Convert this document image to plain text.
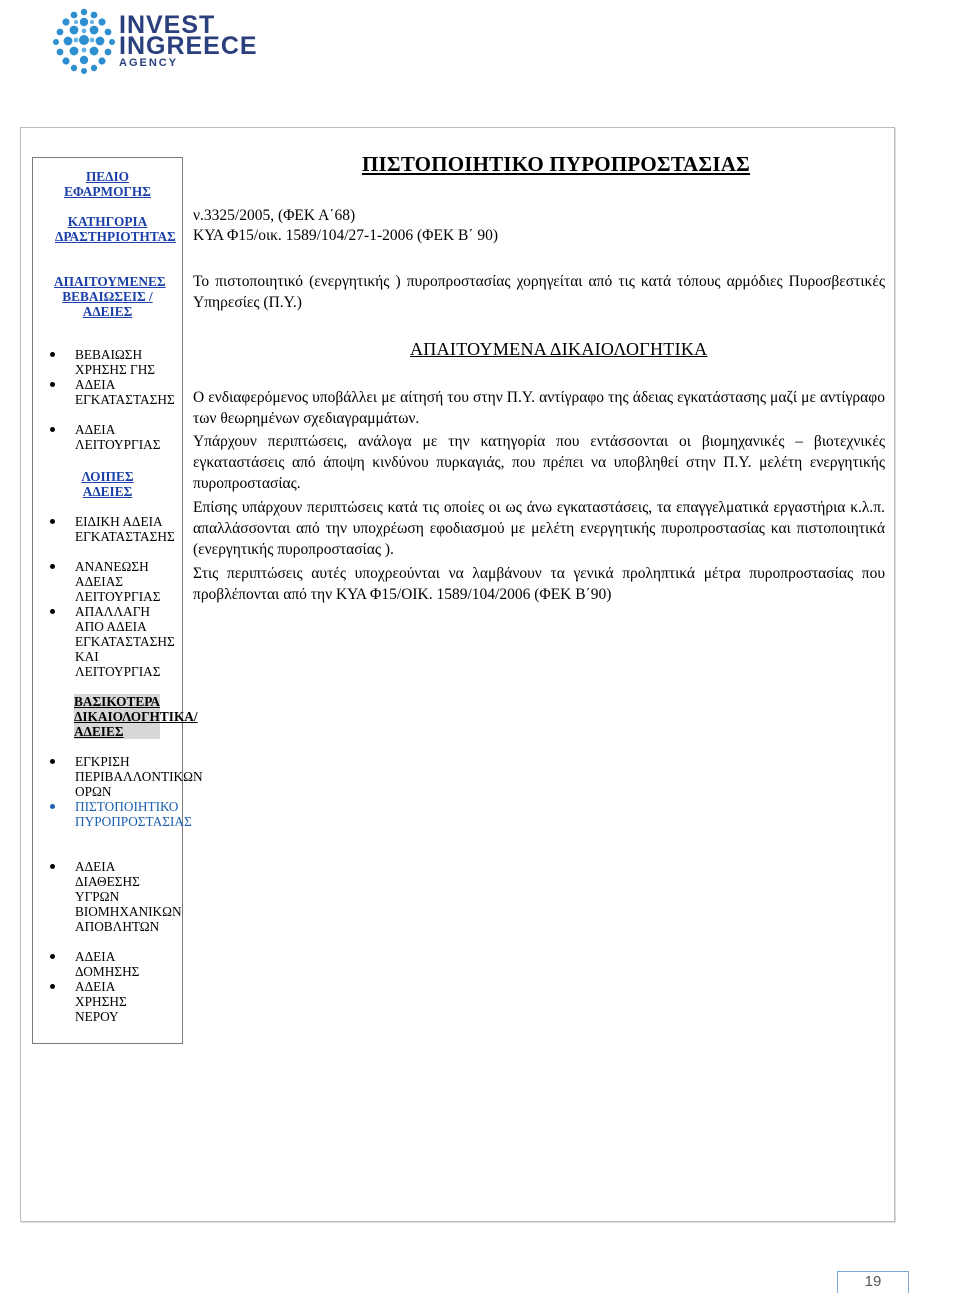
INVEST
INGREECE
AGENCY
ΠΕΔΙΟ ΕΦΑΡΜΟΓΗΣ
ΚΑΤΗΓΟΡΙΑ ΔΡΑΣΤΗΡΙΟΤΗΤΑΣ
ΑΠΑΙΤΟΥΜΕΝΕΣ ΒΕΒΑΙΩΣΕΙΣ /ΑΔΕΙΕΣ
ΒΕΒΑΙΩΣΗ ΧΡΗΣΗΣ ΓΗΣ
ΑΔΕΙΑ ΕΓΚΑΤΑΣΤΑΣΗΣ
ΑΔΕΙΑ ΛΕΙΤΟΥΡΓΙΑΣ
ΛΟΙΠΕΣ ΑΔΕΙΕΣ
ΕΙΔΙΚΗ ΑΔΕΙΑ ΕΓΚΑΤΑΣΤΑΣΗΣ
ΑΝΑΝΕΩΣΗ ΑΔΕΙΑΣ ΛΕΙΤΟΥΡΓΙΑΣ
ΑΠΑΛΛΑΓΗ ΑΠΟ ΑΔΕΙΑ ΕΓΚΑΤΑΣΤΑΣΗΣ ΚΑΙ ΛΕΙΤΟΥΡΓΙΑΣ
ΒΑΣΙΚΟΤΕΡΑ ΔΙΚΑΙΟΛΟΓΗΤΙΚΑ/ΑΔΕΙΕΣ
ΕΓΚΡΙΣΗ ΠΕΡΙΒΑΛΛΟΝΤΙΚΩΝ ΟΡΩΝ
ΠΙΣΤΟΠΟΙΗΤΙΚΟ ΠΥΡΟΠΡΟΣΤΑΣΙΑΣ
ΑΔΕΙΑ ΔΙΑΘΕΣΗΣ ΥΓΡΩΝ ΒΙΟΜΗΧΑΝΙΚΩΝ ΑΠΟΒΛΗΤΩΝ
ΑΔΕΙΑ ΔΟΜΗΣΗΣ
ΑΔΕΙΑ ΧΡΗΣΗΣ ΝΕΡΟΥ
ΠΙΣΤΟΠΟΙΗΤΙΚΟ ΠΥΡΟΠΡΟΣΤΑΣΙΑΣ
ν.3325/2005, (ΦΕΚ Α΄68)
ΚΥΑ Φ15/οικ. 1589/104/27-1-2006 (ΦΕΚ Β΄ 90)
Το πιστοποιητικό (ενεργητικής ) πυροπροστασίας χορηγείται από τις κατά τόπους αρμόδιες Πυροσβεστικές Υπηρεσίες (Π.Υ.)
ΑΠΑΙΤΟΥΜΕΝΑ ΔΙΚΑΙΟΛΟΓΗΤΙΚΑ
Ο ενδιαφερόμενος υποβάλλει με αίτησή του στην Π.Υ. αντίγραφο της άδειας εγκατάστασης μαζί με αντίγραφο των θεωρημένων σχεδιαγραμμάτων.
Υπάρχουν περιπτώσεις, ανάλογα με την κατηγορία που εντάσσονται οι βιομηχανικές – βιοτεχνικές εγκαταστάσεις από άποψη κινδύνου πυρκαγιάς, που πρέπει να υποβληθεί στην Π.Υ. μελέτη ενεργητικής πυροπροστασίας.
Επίσης υπάρχουν περιπτώσεις κατά τις οποίες οι ως άνω εγκαταστάσεις, τα επαγγελματικά εργαστήρια κ.λ.π. απαλλάσσονται από την υποχρέωση εφοδιασμού με μελέτη ενεργητικής πυροπροστασίας και πιστοποιητικά (ενεργητικής πυροπροστασίας ).
Στις περιπτώσεις αυτές υποχρεούνται να λαμβάνουν τα γενικά προληπτικά μέτρα πυροπροστασίας που προβλέπονται από την ΚΥΑ Φ15/ΟΙΚ. 1589/104/2006 (ΦΕΚ Β΄90)
19
